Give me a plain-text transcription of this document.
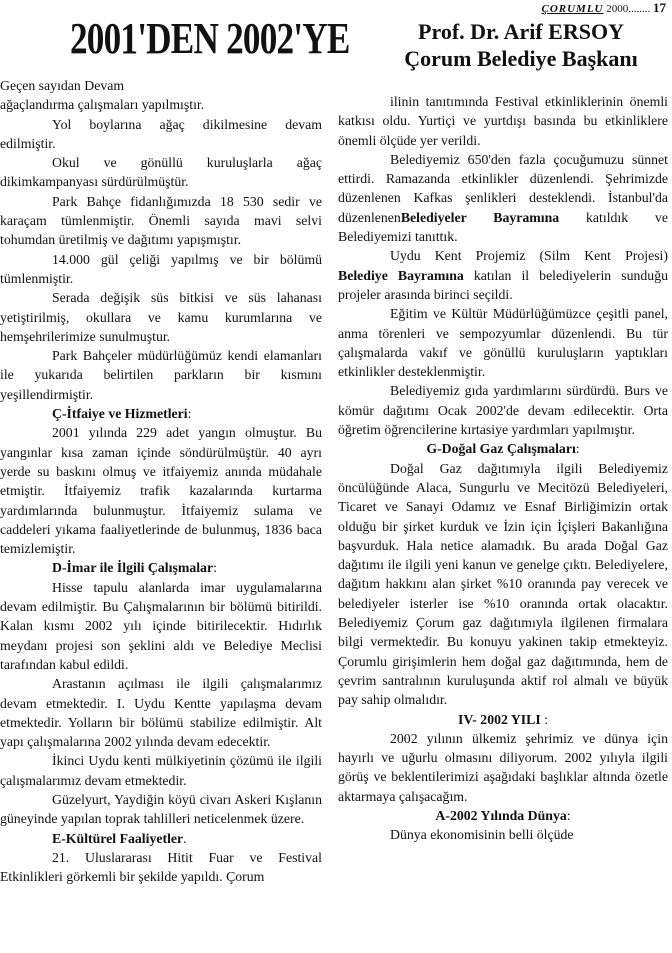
ÇORUMLU 2000........ 17
2001'DEN 2002'YE	Prof. Dr. Arif ERSOY
Çorum Belediye Başkanı

Geçen sayıdan Devam

ağaçlandırma çalışmaları yapılmıştır.

Yol boylarına ağaç dikilmesine devam edilmiştir.

Okul ve gönüllü kuruluşlarla ağaç dikimkampanyası sürdürülmüştür.

Park Bahçe fidanlığımızda 18 530 sedir ve karaçam tümlenmiştir. Önemli sayıda mavi selvi tohumdan üretilmiş ve dağıtımı yapışmıştır.

14.000 gül çeliği yapılmış ve bir bölümü tümlenmiştir.

Serada değişik süs bitkisi ve süs lahanası yetiştirilmiş, okullara ve kamu kurumlarına ve hemşehrilerimize sunulmuştur.

Park Bahçeler müdürlüğümüz kendi elamanları ile yukarıda belirtilen parkların bir kısmını yeşillendirmiştir.

Ç-İtfaiye ve Hizmetleri:

2001 yılında 229 adet yangın olmuştur. Bu yangınlar kısa zaman içinde söndürülmüştür. 40 ayrı yerde su baskını olmuş ve itfaiyemiz anında müdahale etmiştir. İtfaiyemiz trafik kazalarında kurtarma yardımlarında bulunmuştur. İtfaiyemiz sulama ve caddeleri yıkama faaliyetlerinde de bulunmuş, 1836 baca temizlemiştir.

D-İmar ile İlgili Çalışmalar:

Hisse tapulu alanlarda imar uygulamalarına devam edilmiştir. Bu Çalışmalarının bir bölümü bitirildi. Kalan kısmı 2002 yılı içinde bitirilecektir. Hıdırlık meydanı projesi son şeklini aldı ve Belediye Meclisi tarafından kabul edildi.

Arastanın açılması ile ilgili çalışmalarımız devam etmektedir. I. Uydu Kentte yapılaşma devam etmektedir. Yolların bir bölümü stabilize edilmiştir. Alt yapı çalışmalarına 2002 yılında devam edecektir.

İkinci Uydu kenti mülkiyetinin çözümü ile ilgili çalışmalarımız devam etmektedir.

Güzelyurt, Yaydiğin köyü civarı Askeri Kışlanın güneyinde yapılan toprak tahlilleri neticelenmek üzere.

E-Kültürel Faaliyetler.

21. Uluslararası Hitit Fuar ve Festival Etkinlikleri görkemli bir şekilde yapıldı. Çorum

ilinin tanıtımında Festival etkinliklerinin önemli katkısı oldu. Yurtiçi ve yurtdışı basında bu etkinliklere önemli ölçüde yer verildi.

Belediyemiz 650'den fazla çocuğumuzu sünnet ettirdi. Ramazanda etkinlikler düzenlendi. Şehrimizde düzenlenen Kafkas şenlikleri desteklendi. İstanbul'da düzenlenenBelediyeler Bayramına katıldık ve Belediyemizi tanıttık.

Uydu Kent Projemiz (Silm Kent Projesi) Belediye Bayramına katılan il belediyelerin sunduğu projeler arasında birinci seçildi.

Eğitim ve Kültür Müdürlüğümüzce çeşitli panel, anma törenleri ve sempozyumlar düzenlendi. Bu tür çalışmalarda vakıf ve gönüllü kuruluşların yaptıkları etkinlikler desteklenmiştir.

Belediyemiz gıda yardımlarını sürdürdü. Burs ve kömür dağıtımı Ocak 2002'de devam edilecektir. Orta öğretim öğrencilerine kırtasiye yardımları yapılmıştır.

G-Doğal Gaz Çalışmaları:

Doğal Gaz dağıtımıyla ilgili Belediyemiz öncülüğünde Alaca, Sungurlu ve Mecitözü Belediyeleri, Ticaret ve Sanayi Odamız ve Esnaf Birliğimizin ortak olduğu bir şirket kurduk ve İzin için İçişleri Bakanlığına başvurduk. Hala netice alamadık. Bu arada Doğal Gaz dağıtımı ile ilgili yeni kanun ve genelge çıktı. Belediyelere, dağıtım hakkını alan şirket %10 oranında pay verecek ve belediyeler isterler ise %10 oranında ortak olacaktır. Belediyemiz Çorum gaz dağıtımıyla ilgilenen firmalara bilgi vermektedir. Bu konuyu yakinen takip etmekteyiz. Çorumlu girişimlerin hem doğal gaz dağıtımında, hem de çevrim santralının kuruluşunda aktif rol almalı ve büyük pay sahip olmalıdır.

IV- 2002 YILI :

2002 yılının ülkemiz şehrimiz ve dünya için hayırlı ve uğurlu olmasını diliyorum. 2002 yılıyla ilgili görüş ve beklentilerimizi aşağıdaki başlıklar altında özetle aktarmaya çalışacağım.

A-2002 Yılında Dünya:

Dünya ekonomisinin belli ölçüde
